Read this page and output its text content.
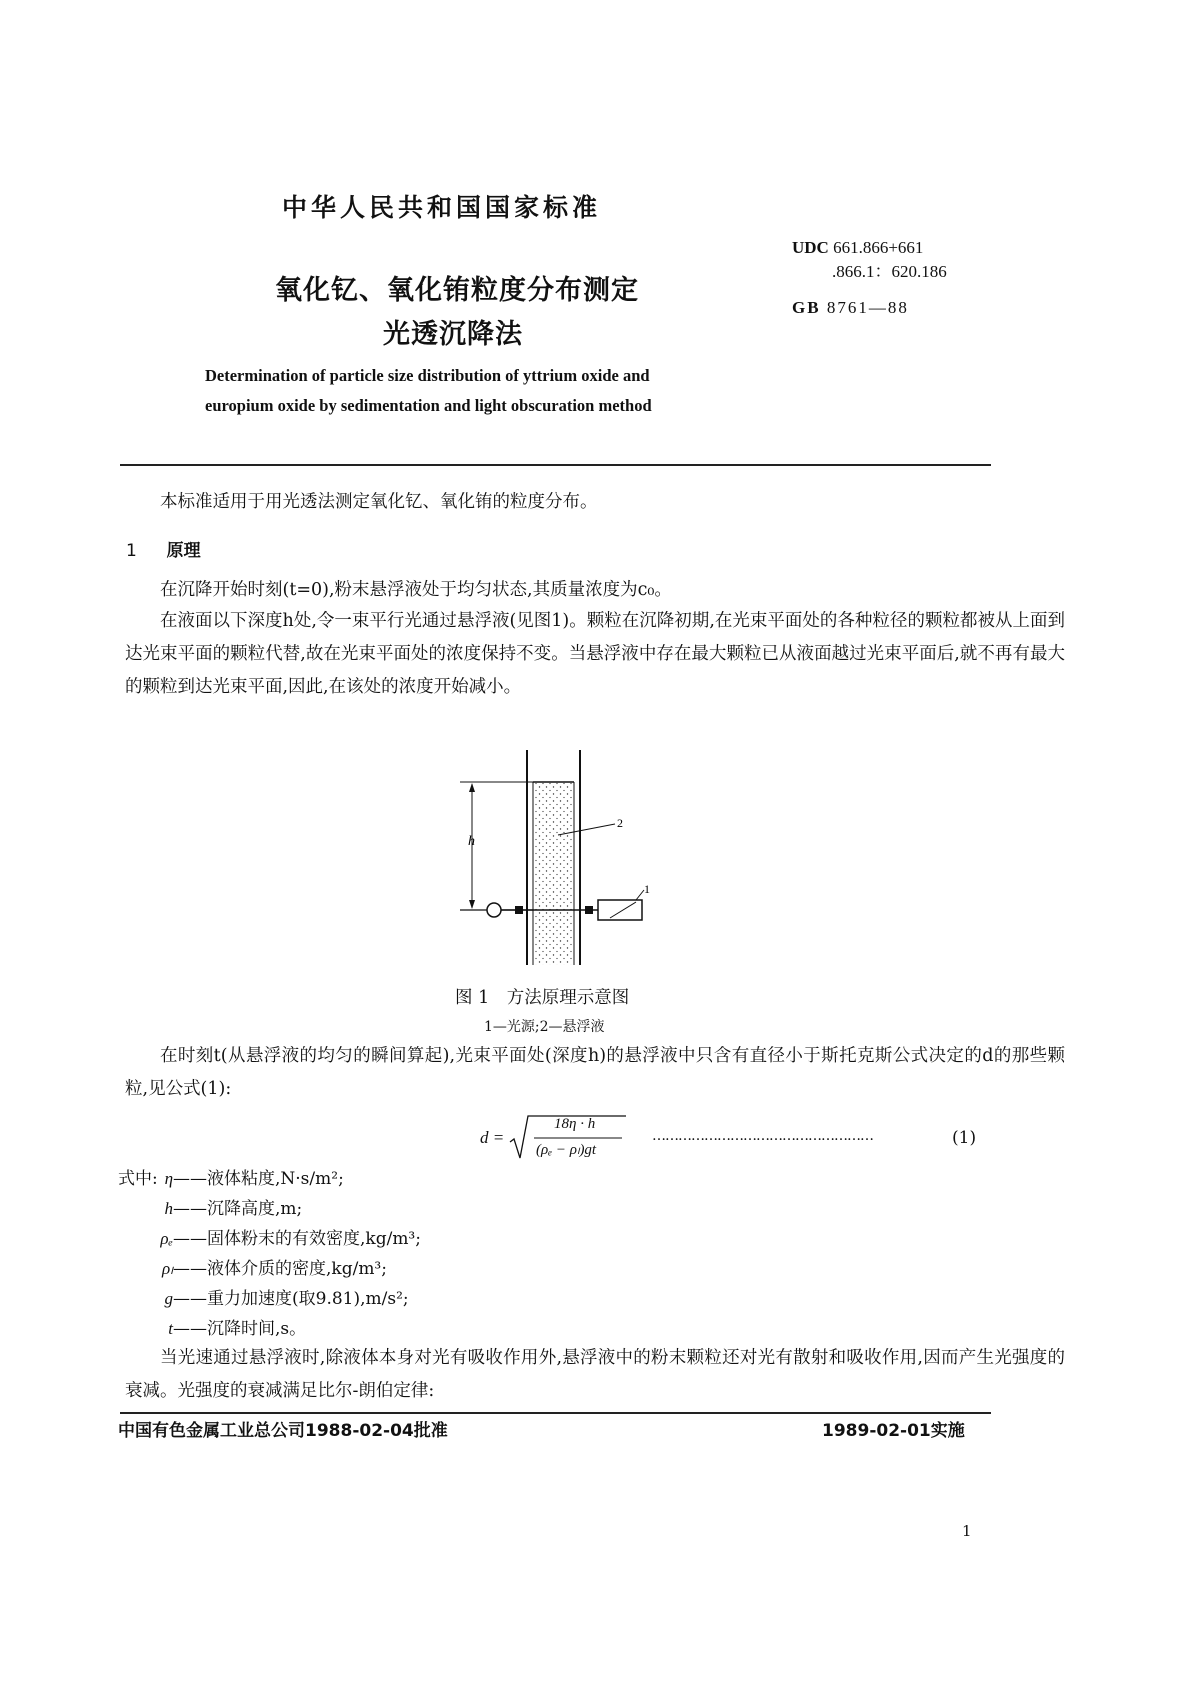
中华人民共和国国家标准
UDC 661.866+661
.866.1：620.186
GB 8761—88
氧化钇、氧化铕粒度分布测定
光透沉降法
Determination of particle size distribution of yttrium oxide and
europium oxide by sedimentation and light obscuration method
本标准适用于用光透法测定氧化钇、氧化铕的粒度分布。
1 原理
在沉降开始时刻(t=0),粉末悬浮液处于均匀状态,其质量浓度为c₀。
在液面以下深度h处,令一束平行光通过悬浮液(见图1)。颗粒在沉降初期,在光束平面处的各种粒径的颗粒都被从上面到达光束平面的颗粒代替,故在光束平面处的浓度保持不变。当悬浮液中存在最大颗粒已从液面越过光束平面后,就不再有最大的颗粒到达光束平面,因此,在该处的浓度开始减小。
h
2
1
图 1　方法原理示意图
1—光源;2—悬浮液
在时刻t(从悬浮液的均匀的瞬间算起),光束平面处(深度h)的悬浮液中只含有直径小于斯托克斯公式决定的d的那些颗粒,见公式(1):
d =
18η · h
(ρₑ − ρₗ)gt
……………………………………………	(1)
式中: η——液体粘度,N·s/m²;
h——沉降高度,m;
ρₑ——固体粉末的有效密度,kg/m³;
ρₗ——液体介质的密度,kg/m³;
g——重力加速度(取9.81),m/s²;
t——沉降时间,s。
当光速通过悬浮液时,除液体本身对光有吸收作用外,悬浮液中的粉末颗粒还对光有散射和吸收作用,因而产生光强度的衰减。光强度的衰减满足比尔-朗伯定律:
中国有色金属工业总公司1988-02-04批准	1989-02-01实施
1
